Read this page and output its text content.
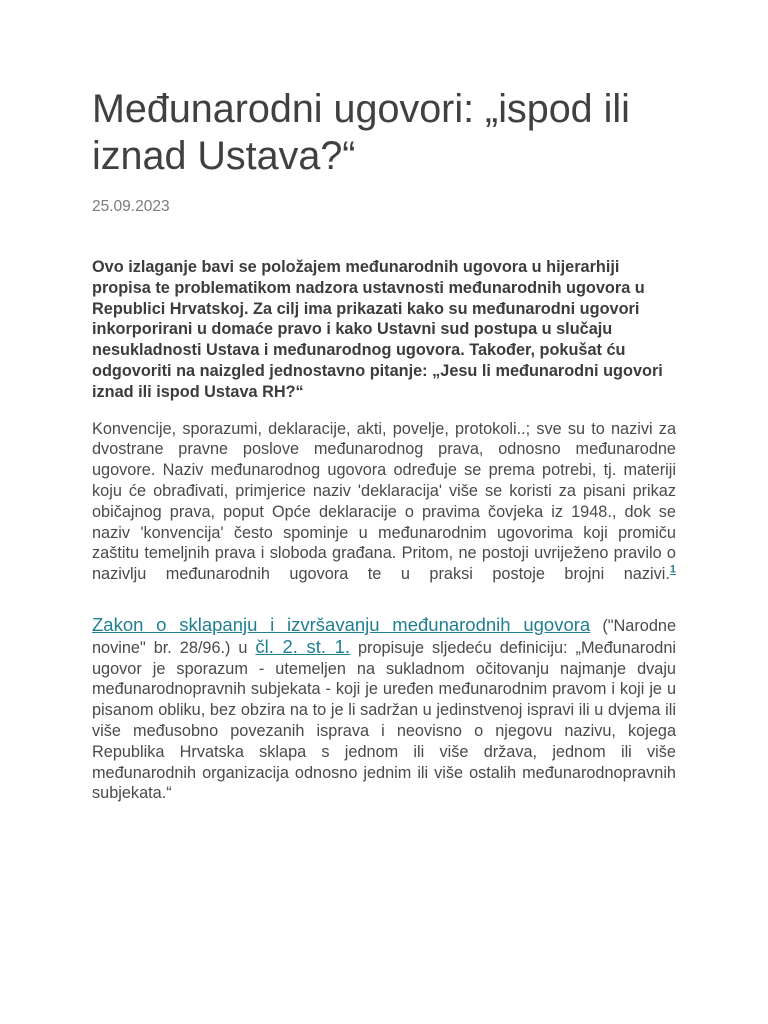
Međunarodni ugovori: „ispod ili iznad Ustava?“
25.09.2023

Ovo izlaganje bavi se položajem međunarodnih ugovora u hijerarhiji propisa te problematikom nadzora ustavnosti međunarodnih ugovora u Republici Hrvatskoj. Za cilj ima prikazati kako su međunarodni ugovori inkorporirani u domaće pravo i kako Ustavni sud postupa u slučaju nesukladnosti Ustava i međunarodnog ugovora. Također, pokušat ću odgovoriti na naizgled jednostavno pitanje: „Jesu li međunarodni ugovori iznad ili ispod Ustava RH?“

Konvencije, sporazumi, deklaracije, akti, povelje, protokoli..; sve su to nazivi za dvostrane pravne poslove međunarodnog prava, odnosno međunarodne ugovore. Naziv međunarodnog ugovora određuje se prema potrebi, tj. materiji koju će obrađivati, primjerice naziv 'deklaracija' više se koristi za pisani prikaz običajnog prava, poput Opće deklaracije o pravima čovjeka iz 1948., dok se naziv 'konvencija' često spominje u međunarodnim ugovorima koji promiču zaštitu temeljnih prava i sloboda građana. Pritom, ne postoji uvriježeno pravilo o nazivlju međunarodnih ugovora te u praksi postoje brojni nazivi.$^1$

Zakon o sklapanju i izvršavanju međunarodnih ugovora ("Narodne novine" br. 28/96.) u čl. 2. st. 1. propisuje sljedeću definiciju: „Međunarodni ugovor je sporazum - utemeljen na sukladnom očitovanju najmanje dvaju međunarodnopravnih subjekata - koji je uređen međunarodnim pravom i koji je u pisanom obliku, bez obzira na to je li sadržan u jedinstvenoj ispravi ili u dvjema ili više međusobno povezanih isprava i neovisno o njegovu nazivu, kojega Republika Hrvatska sklapa s jednom ili više država, jednom ili više međunarodnih organizacija odnosno jednim ili više ostalih međunarodnopravnih subjekata.“
